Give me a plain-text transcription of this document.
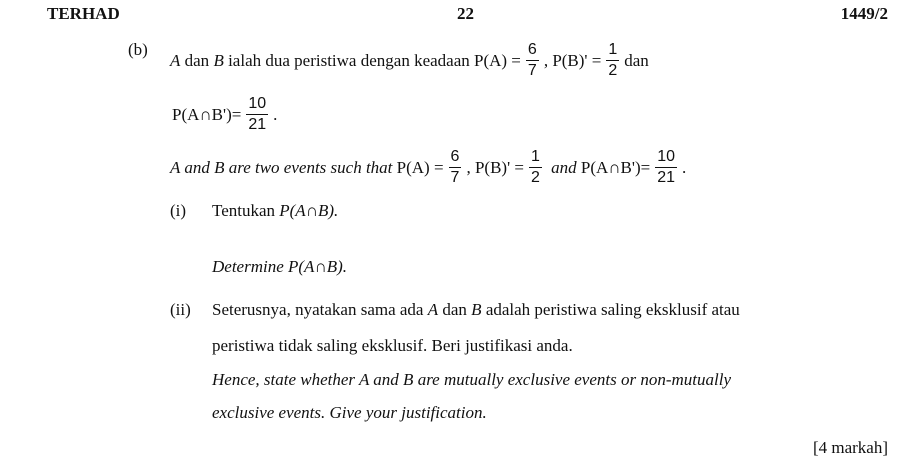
TERHAD	22	1449/2
(b)
A dan B ialah dua peristiwa dengan keadaan $P(A) = \frac{6}{7}$ , $P(B)' = \frac{1}{2}$ dan
P(A∩B')= $\frac{10}{21}$ .
A and B are two events such that $P(A) = \frac{6}{7}$ , $P(B)' = \frac{1}{2}$ and P(A∩B')= $\frac{10}{21}$ .
(i) Tentukan P(A∩B).
Determine P(A∩B).
(ii) Seterusnya, nyatakan sama ada A dan B adalah peristiwa saling eksklusif atau
peristiwa tidak saling eksklusif. Beri justifikasi anda.
Hence, state whether A and B are mutually exclusive events or non-mutually
exclusive events. Give your justification.
[4 markah]
